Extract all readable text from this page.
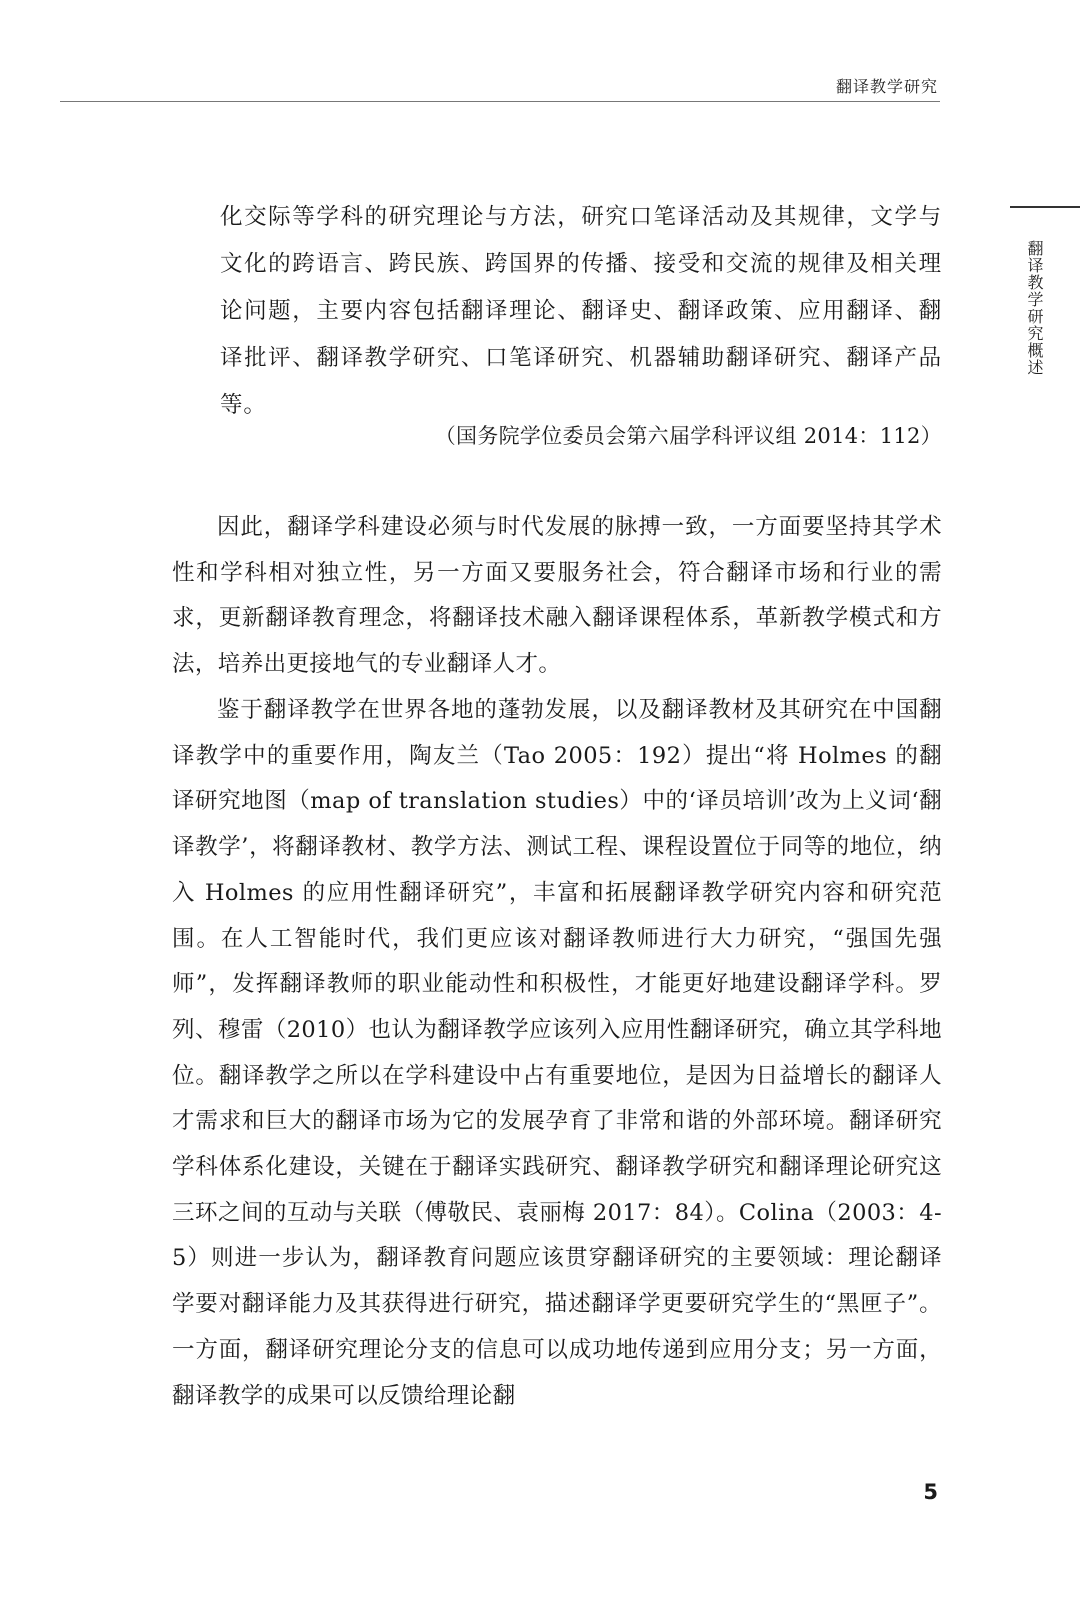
翻译教学研究
翻译教学研究概述
化交际等学科的研究理论与方法，研究口笔译活动及其规律，文学与文化的跨语言、跨民族、跨国界的传播、接受和交流的规律及相关理论问题，主要内容包括翻译理论、翻译史、翻译政策、应用翻译、翻译批评、翻译教学研究、口笔译研究、机器辅助翻译研究、翻译产品等。
（国务院学位委员会第六届学科评议组 2014：112）
因此，翻译学科建设必须与时代发展的脉搏一致，一方面要坚持其学术性和学科相对独立性，另一方面又要服务社会，符合翻译市场和行业的需求，更新翻译教育理念，将翻译技术融入翻译课程体系，革新教学模式和方法，培养出更接地气的专业翻译人才。
鉴于翻译教学在世界各地的蓬勃发展，以及翻译教材及其研究在中国翻译教学中的重要作用，陶友兰（Tao 2005：192）提出“将 Holmes 的翻译研究地图（map of translation studies）中的‘译员培训’改为上义词‘翻译教学’，将翻译教材、教学方法、测试工程、课程设置位于同等的地位，纳入 Holmes 的应用性翻译研究”，丰富和拓展翻译教学研究内容和研究范围。在人工智能时代，我们更应该对翻译教师进行大力研究，“强国先强师”，发挥翻译教师的职业能动性和积极性，才能更好地建设翻译学科。罗列、穆雷（2010）也认为翻译教学应该列入应用性翻译研究，确立其学科地位。翻译教学之所以在学科建设中占有重要地位，是因为日益增长的翻译人才需求和巨大的翻译市场为它的发展孕育了非常和谐的外部环境。翻译研究学科体系化建设，关键在于翻译实践研究、翻译教学研究和翻译理论研究这三环之间的互动与关联（傅敬民、袁丽梅 2017：84）。Colina（2003：4-5）则进一步认为，翻译教育问题应该贯穿翻译研究的主要领域：理论翻译学要对翻译能力及其获得进行研究，描述翻译学更要研究学生的“黑匣子”。一方面，翻译研究理论分支的信息可以成功地传递到应用分支；另一方面，翻译教学的成果可以反馈给理论翻
5
